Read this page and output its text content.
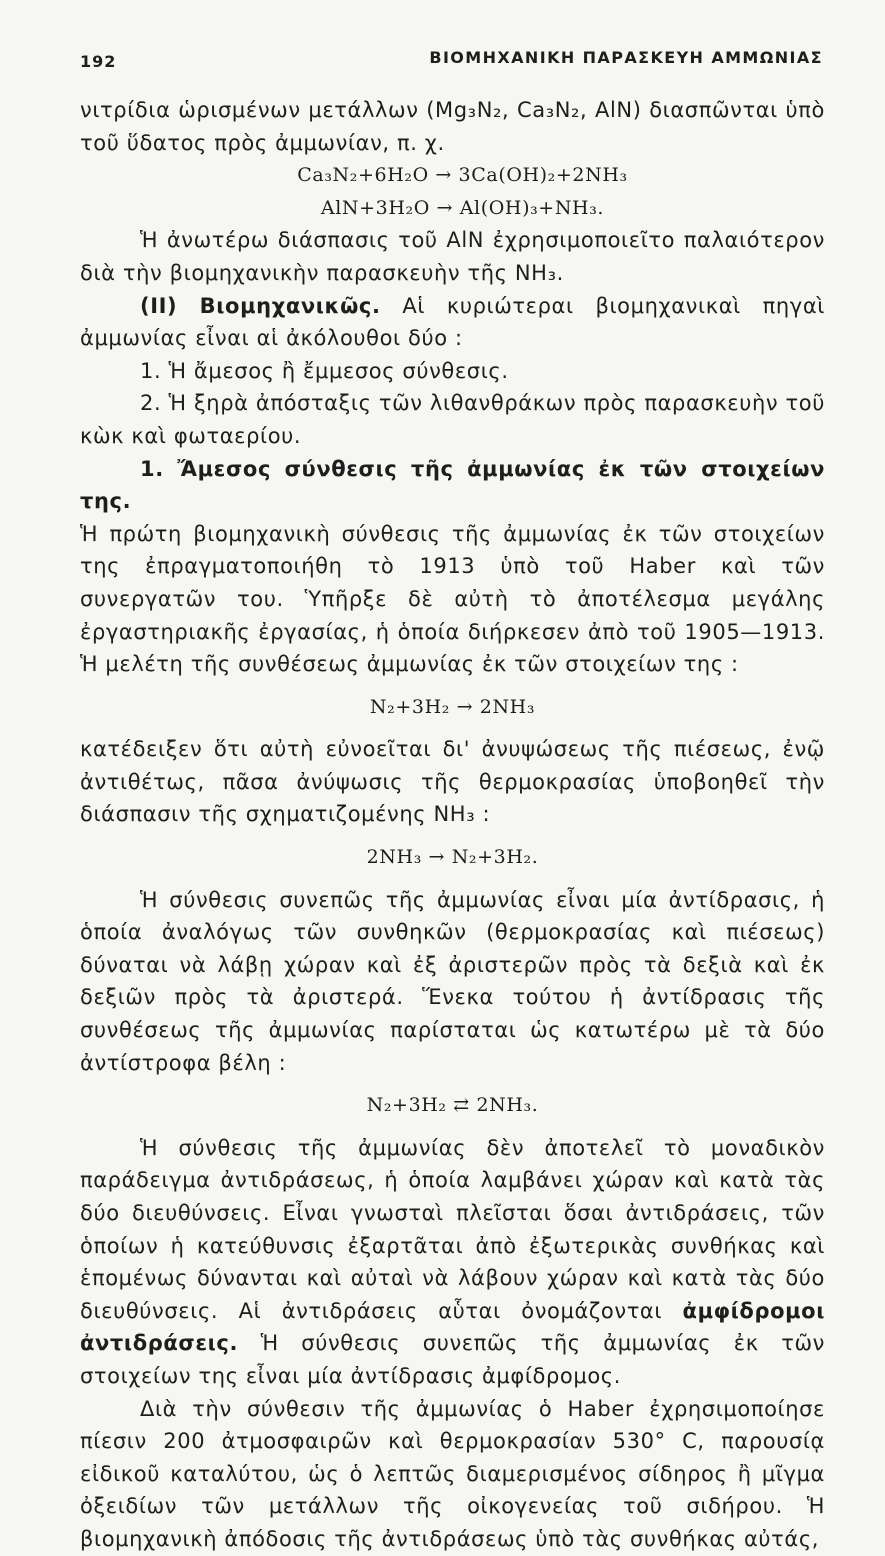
192	ΒΙΟΜΗΧΑΝΙΚΗ ΠΑΡΑΣΚΕΥΗ ΑΜΜΩΝΙΑΣ

νιτρίδια ὡρισμένων μετάλλων (Mg₃N₂, Ca₃N₂, AlN) διασπῶνται ὑπὸ τοῦ ὕδατος πρὸς ἀμμωνίαν, π. χ.

Ca₃N₂+6H₂O → 3Ca(OH)₂+2NH₃

AlN+3H₂O → Al(OH)₃+NH₃.

Ἡ ἀνωτέρω διάσπασις τοῦ AlN ἐχρησιμοποιεῖτο παλαιότερον διὰ τὴν βιομηχανικὴν παρασκευὴν τῆς NH₃.

(II) Βιομηχανικῶς. Αἱ κυριώτεραι βιομηχανικαὶ πηγαὶ ἀμμωνίας εἶναι αἱ ἀκόλουθοι δύο :

1. Ἡ ἄμεσος ἢ ἔμμεσος σύνθεσις.

2. Ἡ ξηρὰ ἀπόσταξις τῶν λιθανθράκων πρὸς παρασκευὴν τοῦ κὼκ καὶ φωταερίου.

1. Ἄμεσος σύνθεσις τῆς ἀμμωνίας ἐκ τῶν στοιχείων της.

Ἡ πρώτη βιομηχανικὴ σύνθεσις τῆς ἀμμωνίας ἐκ τῶν στοιχείων της ἐπραγματοποιήθη τὸ 1913 ὑπὸ τοῦ Haber καὶ τῶν συνεργατῶν του. Ὑπῆρξε δὲ αὐτὴ τὸ ἀποτέλεσμα μεγάλης ἐργαστηριακῆς ἐργασίας, ἡ ὁποία διήρκεσεν ἀπὸ τοῦ 1905—1913. Ἡ μελέτη τῆς συνθέσεως ἀμμωνίας ἐκ τῶν στοιχείων της :

N₂+3H₂ → 2NH₃

κατέδειξεν ὅτι αὐτὴ εὐνοεῖται δι' ἀνυψώσεως τῆς πιέσεως, ἐνῷ ἀντιθέτως, πᾶσα ἀνύψωσις τῆς θερμοκρασίας ὑποβοηθεῖ τὴν διάσπασιν τῆς σχηματιζομένης NH₃ :

2NH₃ → N₂+3H₂.

Ἡ σύνθεσις συνεπῶς τῆς ἀμμωνίας εἶναι μία ἀντίδρασις, ἡ ὁποία ἀναλόγως τῶν συνθηκῶν (θερμοκρασίας καὶ πιέσεως) δύναται νὰ λάβῃ χώραν καὶ ἐξ ἀριστερῶν πρὸς τὰ δεξιὰ καὶ ἐκ δεξιῶν πρὸς τὰ ἀριστερά. Ἕνεκα τούτου ἡ ἀντίδρασις τῆς συνθέσεως τῆς ἀμμωνίας παρίσταται ὡς κατωτέρω μὲ τὰ δύο ἀντίστροφα βέλη :

N₂+3H₂ ⇄ 2NH₃.

Ἡ σύνθεσις τῆς ἀμμωνίας δὲν ἀποτελεῖ τὸ μοναδικὸν παράδειγμα ἀντιδράσεως, ἡ ὁποία λαμβάνει χώραν καὶ κατὰ τὰς δύο διευθύνσεις. Εἶναι γνωσταὶ πλεῖσται ὅσαι ἀντιδράσεις, τῶν ὁποίων ἡ κατεύθυνσις ἐξαρτᾶται ἀπὸ ἐξωτερικὰς συνθήκας καὶ ἑπομένως δύνανται καὶ αὐταὶ νὰ λάβουν χώραν καὶ κατὰ τὰς δύο διευθύνσεις. Αἱ ἀντιδράσεις αὗται ὀνομάζονται ἀμφίδρομοι ἀντιδράσεις. Ἡ σύνθεσις συνεπῶς τῆς ἀμμωνίας ἐκ τῶν στοιχείων της εἶναι μία ἀντίδρασις ἀμφίδρομος.

Διὰ τὴν σύνθεσιν τῆς ἀμμωνίας ὁ Haber ἐχρησιμοποίησε πίεσιν 200 ἀτμοσφαιρῶν καὶ θερμοκρασίαν 530° C, παρουσίᾳ εἰδικοῦ καταλύτου, ὡς ὁ λεπτῶς διαμερισμένος σίδηρος ἢ μῖγμα ὀξειδίων τῶν μετάλλων τῆς οἰκογενείας τοῦ σιδήρου. Ἡ βιομηχανικὴ ἀπόδοσις τῆς ἀντιδράσεως ὑπὸ τὰς συνθήκας αὐτάς,
